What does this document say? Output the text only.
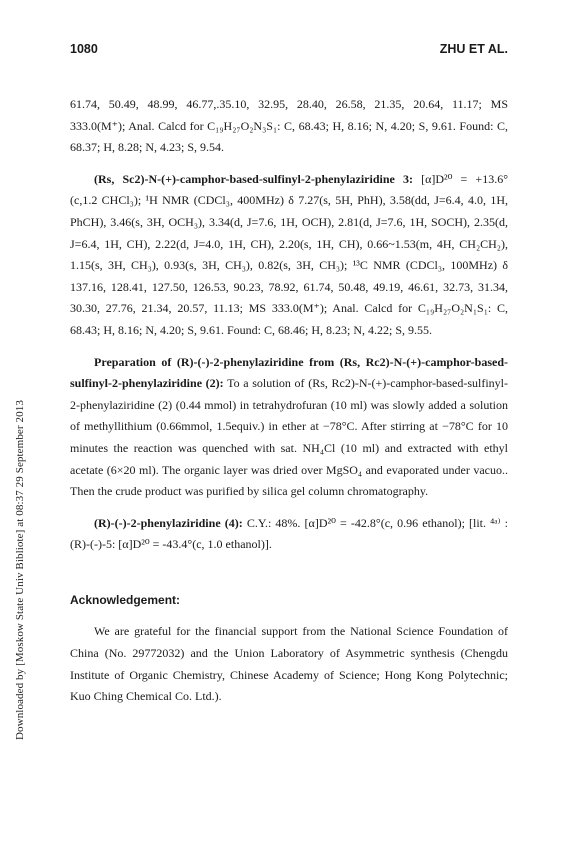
Downloaded by [Moskow State Univ Bibliote] at 08:37 29 September 2013
1080	ZHU ET AL.

61.74, 50.49, 48.99, 46.77,.35.10, 32.95, 28.40, 26.58, 21.35, 20.64, 11.17; MS 333.0(M⁺); Anal. Calcd for C₁₉H₂₇O₂N₃S₁: C, 68.43; H, 8.16; N, 4.20; S, 9.61. Found: C, 68.37; H, 8.28; N, 4.23; S, 9.54.

(Rs, Sc2)-N-(+)-camphor-based-sulfinyl-2-phenylaziridine 3: [α]D²⁰ = +13.6°(c,1.2 CHCl₃); ¹H NMR (CDCl₃, 400MHz) δ 7.27(s, 5H, PhH), 3.58(dd, J=6.4, 4.0, 1H, PhCH), 3.46(s, 3H, OCH₃), 3.34(d, J=7.6, 1H, OCH), 2.81(d, J=7.6, 1H, SOCH), 2.35(d, J=6.4, 1H, CH), 2.22(d, J=4.0, 1H, CH), 2.20(s, 1H, CH), 0.66~1.53(m, 4H, CH₂CH₂), 1.15(s, 3H, CH₃), 0.93(s, 3H, CH₃), 0.82(s, 3H, CH₃); ¹³C NMR (CDCl₃, 100MHz) δ 137.16, 128.41, 127.50, 126.53, 90.23, 78.92, 61.74, 50.48, 49.19, 46.61, 32.73, 31.34, 30.30, 27.76, 21.34, 20.57, 11.13; MS 333.0(M⁺); Anal. Calcd for C₁₉H₂₇O₂N₁S₁: C, 68.43; H, 8.16; N, 4.20; S, 9.61. Found: C, 68.46; H, 8.23; N, 4.22; S, 9.55.

Preparation of (R)-(-)-2-phenylaziridine from (Rs, Rc2)-N-(+)-camphor-based-sulfinyl-2-phenylaziridine (2): To a solution of (Rs, Rc2)-N-(+)-camphor-based-sulfinyl-2-phenylaziridine (2) (0.44 mmol) in tetrahydrofuran (10 ml) was slowly added a solution of methyllithium (0.66mmol, 1.5equiv.) in ether at −78°C. After stirring at −78°C for 10 minutes the reaction was quenched with sat. NH₄Cl (10 ml) and extracted with ethyl acetate (6×20 ml). The organic layer was dried over MgSO₄ and evaporated under vacuo.. Then the crude product was purified by silica gel column chromatography.

(R)-(-)-2-phenylaziridine (4): C.Y.: 48%. [α]D²⁰ = -42.8°(c, 0.96 ethanol); [lit. ⁴ᵃ⁾ : (R)-(-)-5: [α]D²⁰ = -43.4°(c, 1.0 ethanol)].

Acknowledgement:

We are grateful for the financial support from the National Science Foundation of China (No. 29772032) and the Union Laboratory of Asymmetric synthesis (Chengdu Institute of Organic Chemistry, Chinese Academy of Science; Hong Kong Polytechnic; Kuo Ching Chemical Co. Ltd.).
